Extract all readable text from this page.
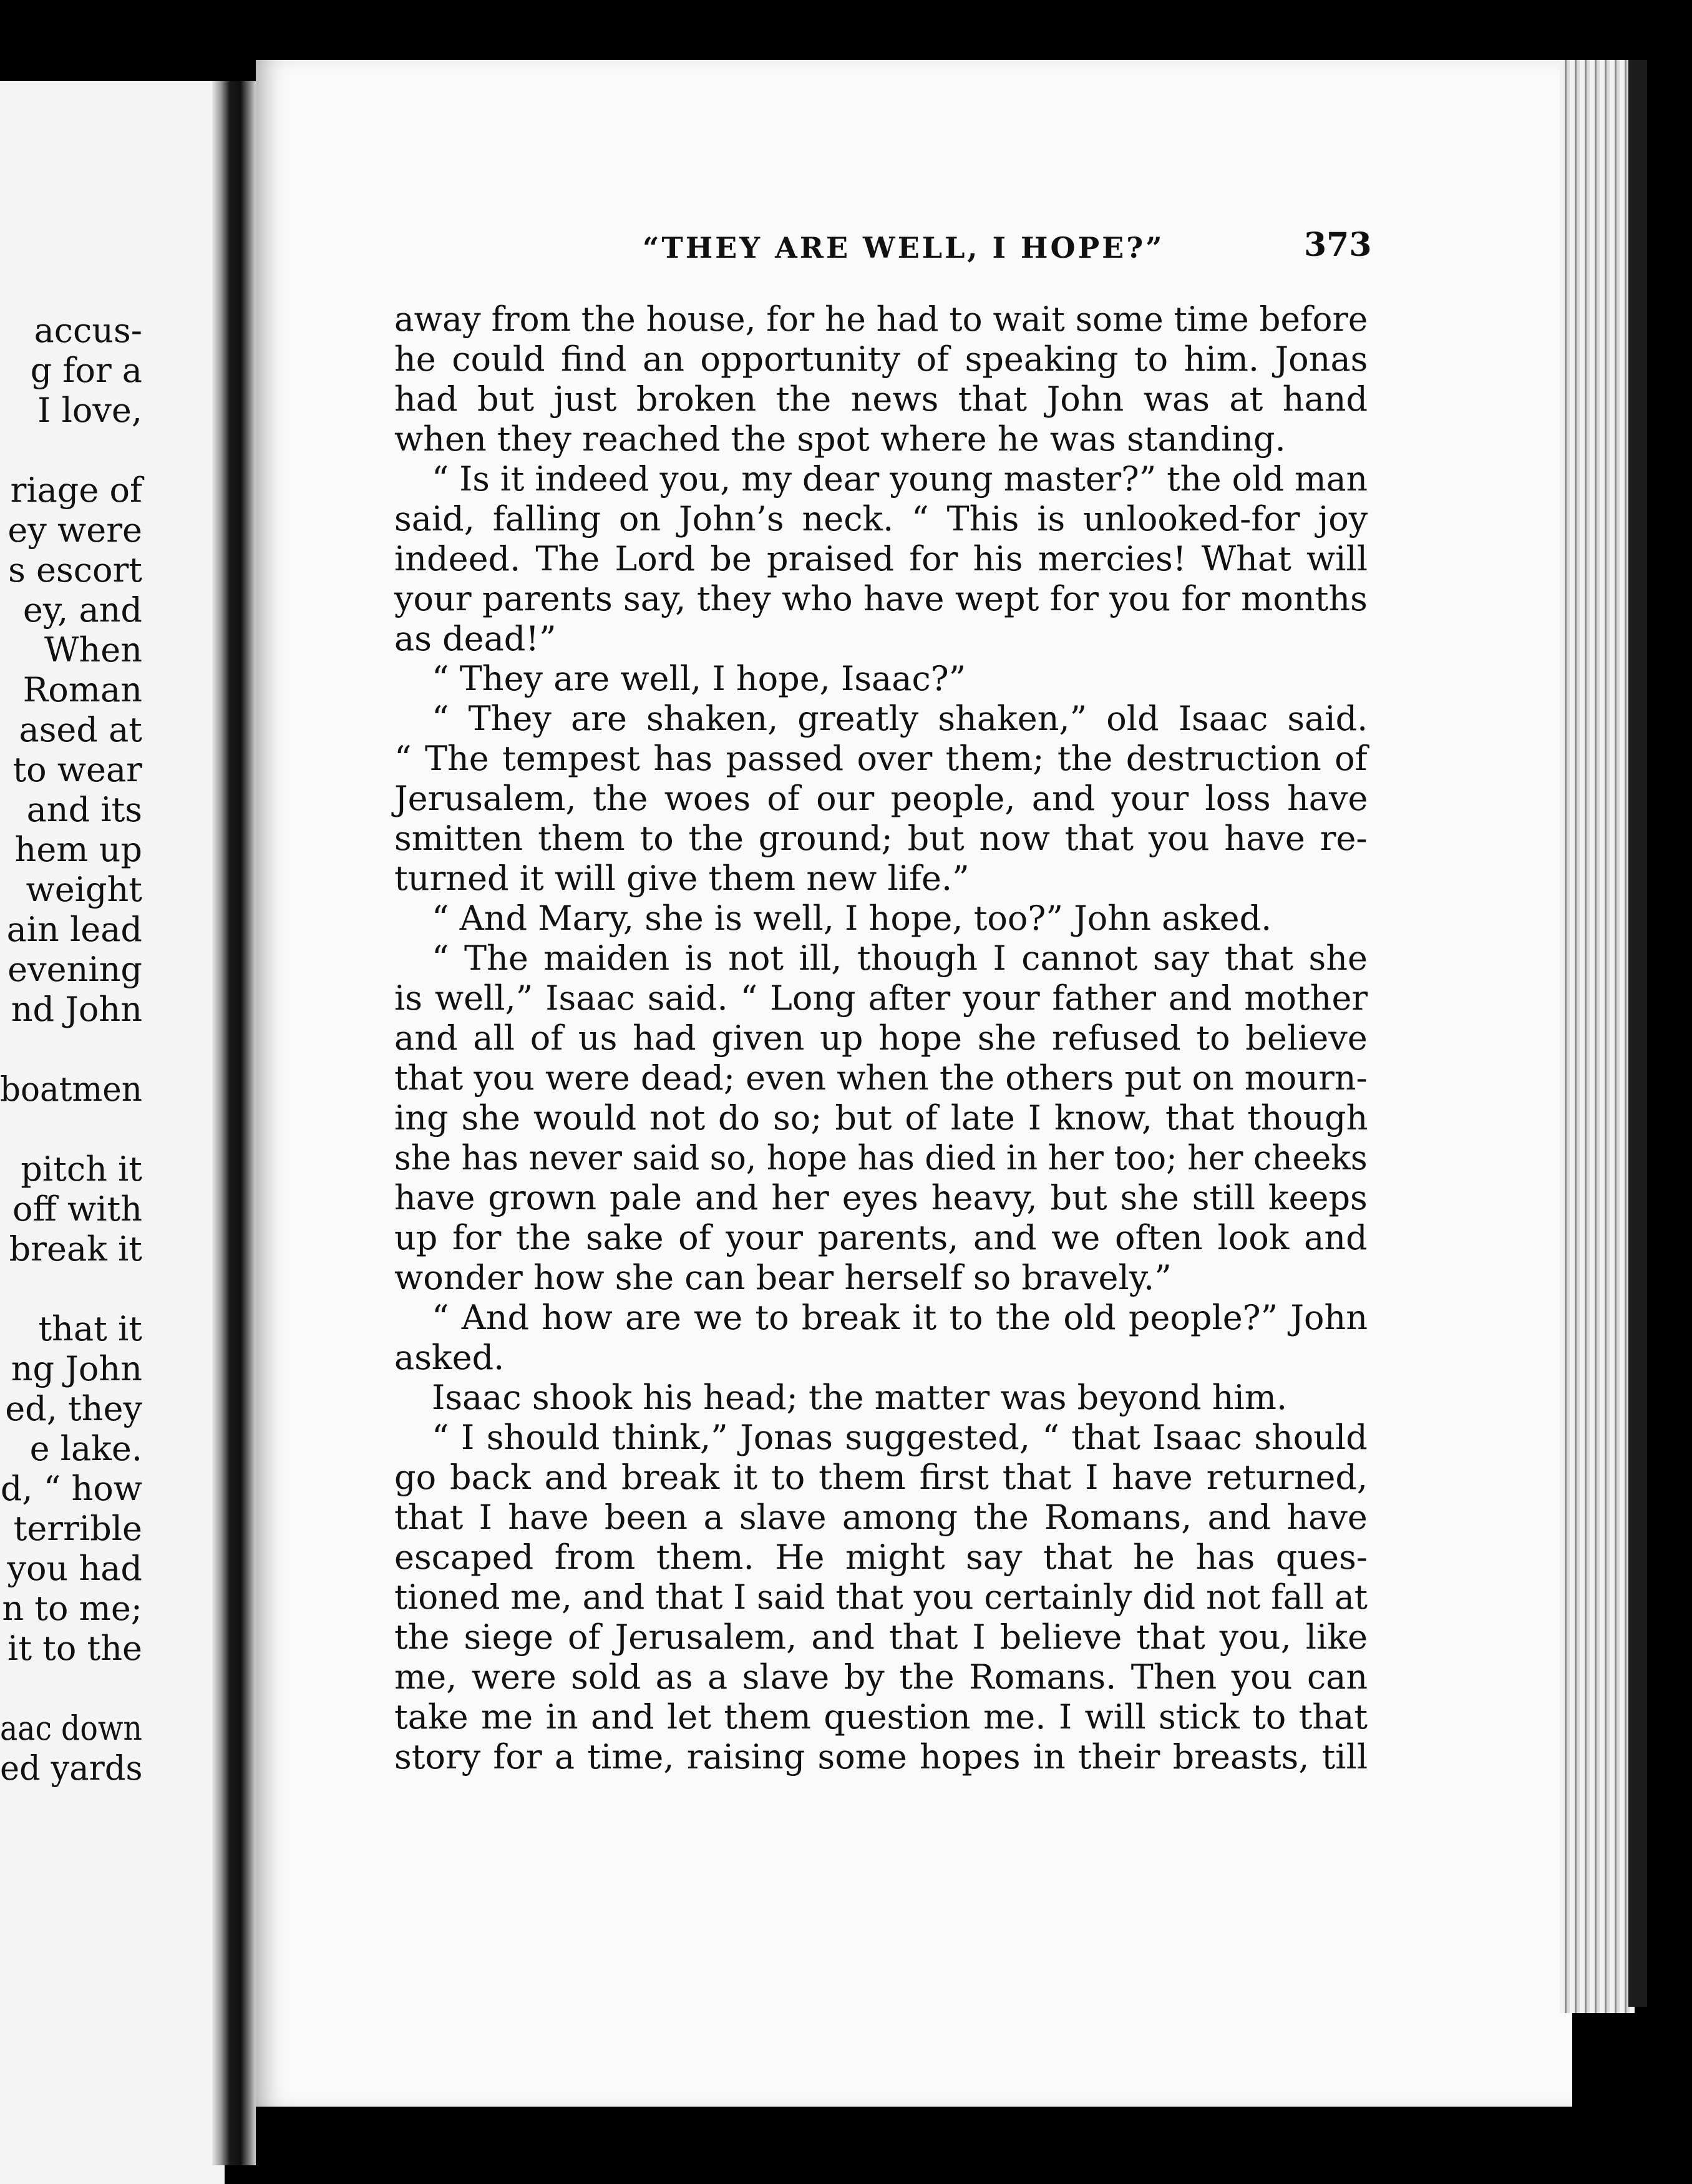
accus-

g for a

I love,

riage of

ey were

s escort

ey, and

When

Roman

ased at

to wear

and its

hem up

weight

ain lead

evening

nd John

boatmen

pitch it

off with

break it

that it

ng John

ed, they

e lake.

d, “ how

terrible

you had

n to me;

it to the

aac down

ed yards

“THEY ARE WELL, I HOPE?”	373

away from the house, for he had to wait some time before

he could find an opportunity of speaking to him. Jonas

had but just broken the news that John was at hand

when they reached the spot where he was standing.

“ Is it indeed you, my dear young master?” the old man

said, falling on John’s neck. “ This is unlooked-for joy

indeed. The Lord be praised for his mercies! What will

your parents say, they who have wept for you for months

as dead!”

“ They are well, I hope, Isaac?”

“ They are shaken, greatly shaken,” old Isaac said.

“ The tempest has passed over them; the destruction of

Jerusalem, the woes of our people, and your loss have

smitten them to the ground; but now that you have re-

turned it will give them new life.”

“ And Mary, she is well, I hope, too?” John asked.

“ The maiden is not ill, though I cannot say that she

is well,” Isaac said. “ Long after your father and mother

and all of us had given up hope she refused to believe

that you were dead; even when the others put on mourn-

ing she would not do so; but of late I know, that though

she has never said so, hope has died in her too; her cheeks

have grown pale and her eyes heavy, but she still keeps

up for the sake of your parents, and we often look and

wonder how she can bear herself so bravely.”

“ And how are we to break it to the old people?” John

asked.

Isaac shook his head; the matter was beyond him.

“ I should think,” Jonas suggested, “ that Isaac should

go back and break it to them first that I have returned,

that I have been a slave among the Romans, and have

escaped from them. He might say that he has ques-

tioned me, and that I said that you certainly did not fall at

the siege of Jerusalem, and that I believe that you, like

me, were sold as a slave by the Romans. Then you can

take me in and let them question me. I will stick to that

story for a time, raising some hopes in their breasts, till
